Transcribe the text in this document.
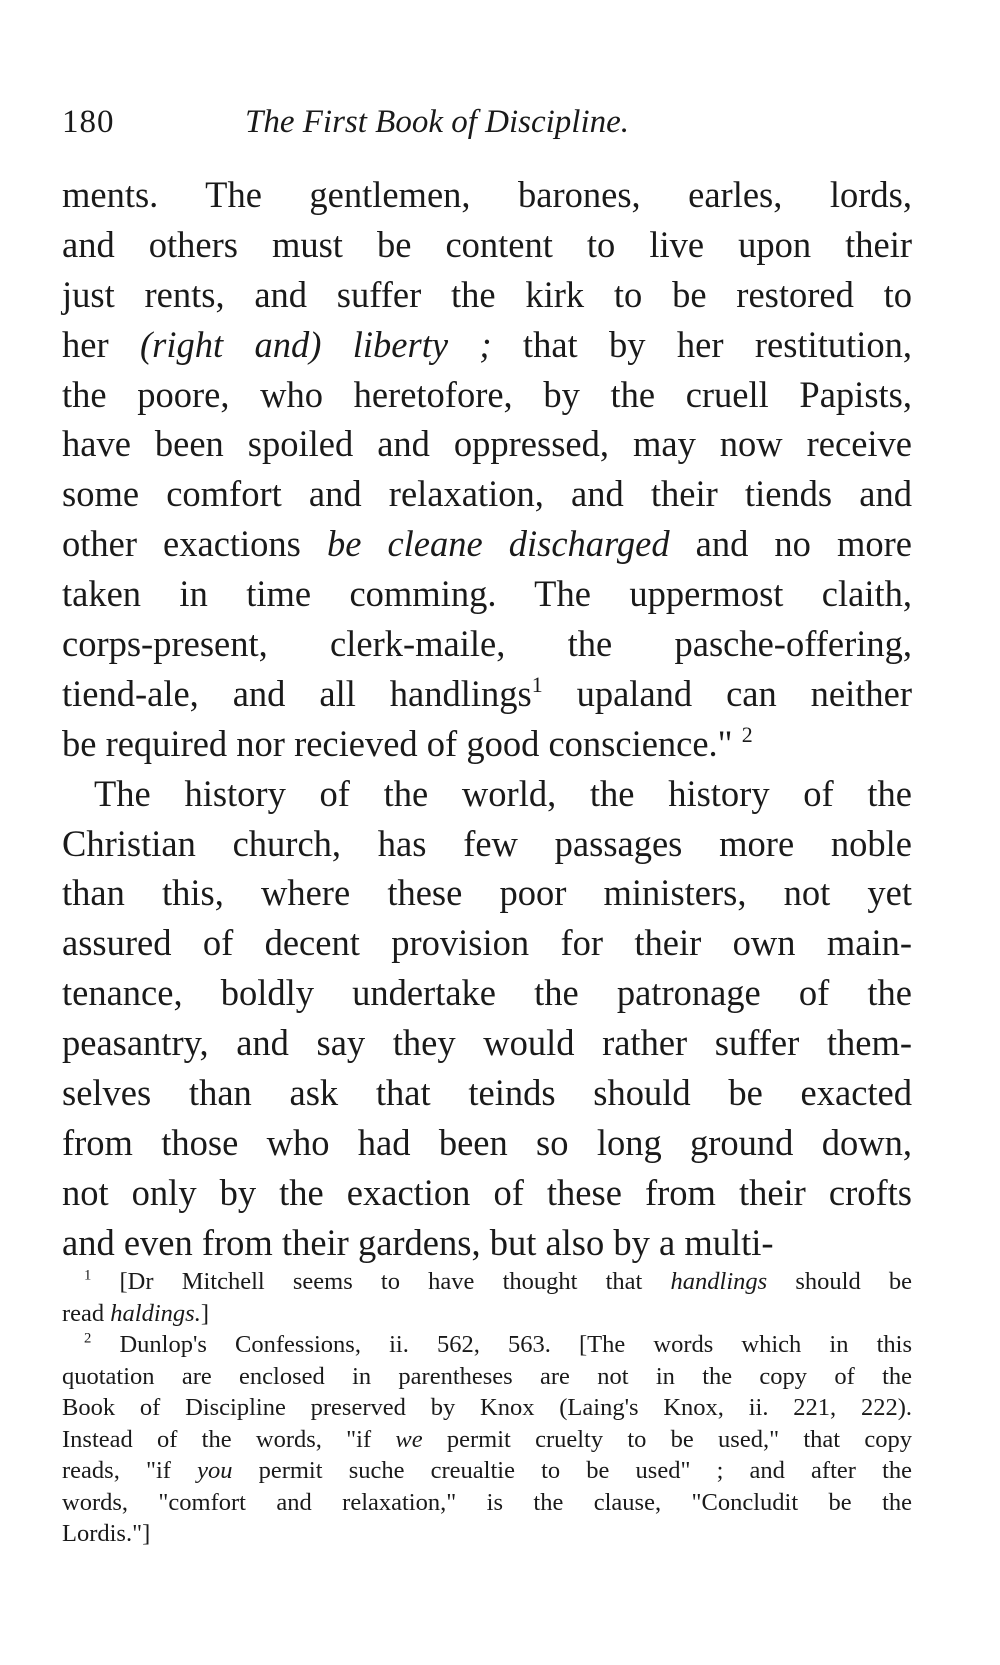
180	The First Book of Discipline.
ments. The gentlemen, barones, earles, lords,
and others must be content to live upon their
just rents, and suffer the kirk to be restored to
her (right and) liberty ; that by her restitution,
the poore, who heretofore, by the cruell Papists,
have been spoiled and oppressed, may now receive
some comfort and relaxation, and their tiends and
other exactions be cleane discharged and no more
taken in time comming. The uppermost claith,
corps-present, clerk-maile, the pasche-offering,
tiend-ale, and all handlings$^1$ upaland can neither
be required nor recieved of good conscience." $^2$
The history of the world, the history of the
Christian church, has few passages more noble
than this, where these poor ministers, not yet
assured of decent provision for their own main-
tenance, boldly undertake the patronage of the
peasantry, and say they would rather suffer them-
selves than ask that teinds should be exacted
from those who had been so long ground down,
not only by the exaction of these from their crofts
and even from their gardens, but also by a multi-
$^1$ [Dr Mitchell seems to have thought that handlings should be
read haldings.]
$^2$ Dunlop's Confessions, ii. 562, 563. [The words which in this
quotation are enclosed in parentheses are not in the copy of the
Book of Discipline preserved by Knox (Laing's Knox, ii. 221, 222).
Instead of the words, "if we permit cruelty to be used," that copy
reads, "if you permit suche creualtie to be used" ; and after the
words, "comfort and relaxation," is the clause, "Concludit be the
Lordis."]
